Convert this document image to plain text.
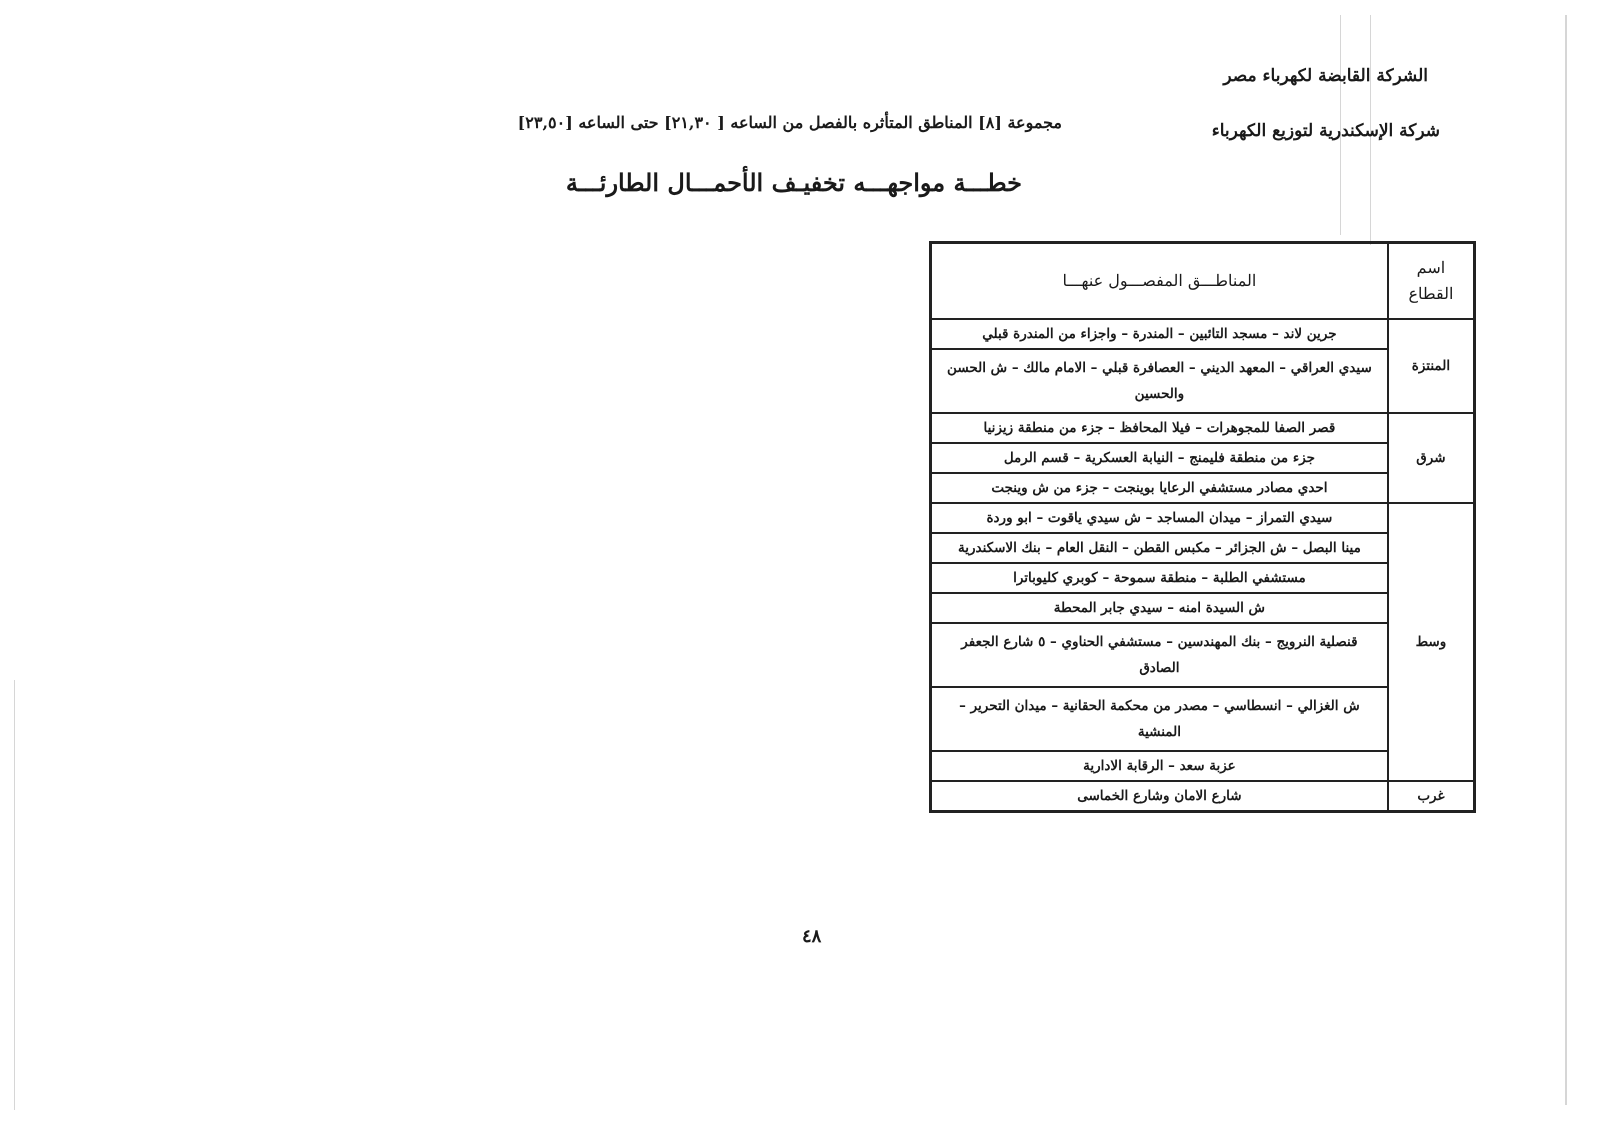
الشركة القابضة لكهرباء مصر
شركة الإسكندرية لتوزيع الكهرباء
مجموعة [٨] المناطق المتأثره بالفصل من الساعه [ ٢١,٣٠] حتى الساعه [٢٣,٥٠]
خطـــة مواجهـــه تخفيـف الأحمـــال الطارئـــة
اسم القطاع	المناطـــق المفصـــول عنهـــا
المنتزة	جرين لاند – مسجد التائبين – المندرة – واجزاء من المندرة قبلي
	سيدي العراقي – المعهد الديني – العصافرة قبلي – الامام مالك – ش الحسن والحسين
شرق	قصر الصفا للمجوهرات – فيلا المحافظ – جزء من منطقة زيزنيا
	جزء من منطقة فليمنج – النيابة العسكرية – قسم الرمل
	احدي مصادر مستشفي الرعايا بوينجت – جزء من ش وينجت
وسط	سيدي التمراز – ميدان المساجد – ش سيدي ياقوت – ابو وردة
	مينا البصل – ش الجزائر – مكبس القطن – النقل العام – بنك الاسكندرية
	مستشفي الطلبة – منطقة سموحة – كوبري كليوباترا
	ش السيدة امنه – سيدي جابر المحطة
	قنصلية النرويج – بنك المهندسين – مستشفي الحناوي – ٥ شارع الجعفر الصادق
	ش الغزالي – انسطاسي – مصدر من محكمة الحقانية – ميدان التحرير – المنشية
	عزبة سعد – الرقابة الادارية
غرب	شارع الامان وشارع الخماسى
٤٨
